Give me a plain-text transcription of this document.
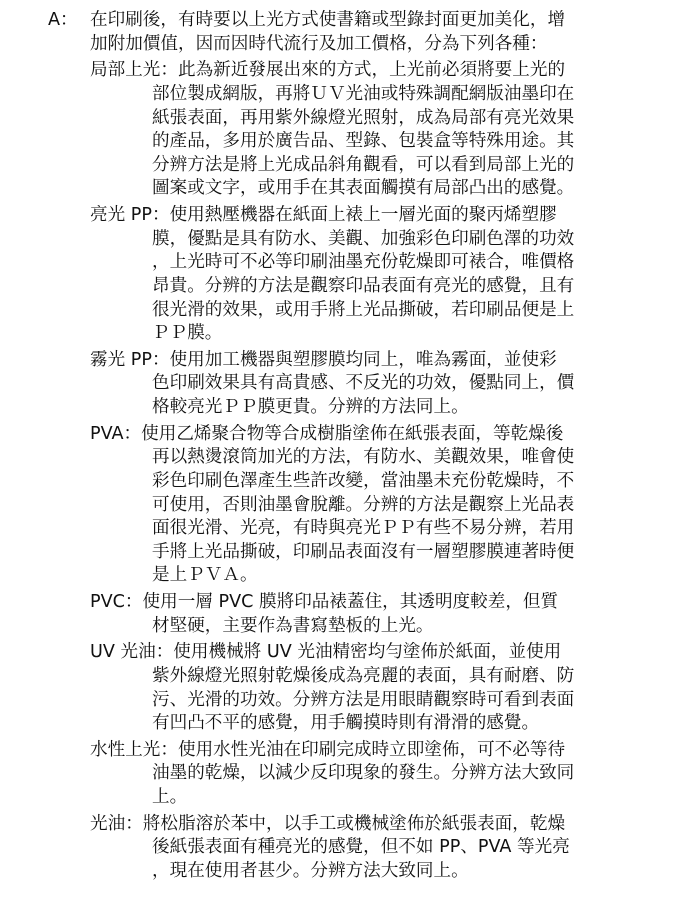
A： 在印刷後，有時要以上光方式使書籍或型錄封面更加美化，增
加附加價值，因而因時代流行及加工價格，分為下列各種：
局部上光：此為新近發展出來的方式，上光前必須將要上光的
部位製成網版，再將ＵＶ光油或特殊調配網版油墨印在
紙張表面，再用紫外線燈光照射，成為局部有亮光效果
的產品，多用於廣告品、型錄、包裝盒等特殊用途。其
分辨方法是將上光成品斜角觀看，可以看到局部上光的
圖案或文字，或用手在其表面觸摸有局部凸出的感覺。
亮光 PP：使用熱壓機器在紙面上裱上一層光面的聚丙烯塑膠
膜，優點是具有防水、美觀、加強彩色印刷色澤的功效
，上光時可不必等印刷油墨充份乾燥即可裱合，唯價格
昂貴。分辨的方法是觀察印品表面有亮光的感覺，且有
很光滑的效果，或用手將上光品撕破，若印刷品便是上
ＰＰ膜。
霧光 PP：使用加工機器與塑膠膜均同上，唯為霧面，並使彩
色印刷效果具有高貴感、不反光的功效，優點同上，價
格較亮光ＰＰ膜更貴。分辨的方法同上。
PVA：使用乙烯聚合物等合成樹脂塗佈在紙張表面，等乾燥後
再以熱燙滾筒加光的方法，有防水、美觀效果，唯會使
彩色印刷色澤產生些許改變，當油墨未充份乾燥時，不
可使用，否則油墨會脫離。分辨的方法是觀察上光品表
面很光滑、光亮，有時與亮光ＰＰ有些不易分辨，若用
手將上光品撕破，印刷品表面沒有一層塑膠膜連著時便
是上ＰＶＡ。
PVC：使用一層 PVC 膜將印品裱蓋住，其透明度較差，但質
材堅硬，主要作為書寫墊板的上光。
UV 光油：使用機械將 UV 光油精密均勻塗佈於紙面，並使用
紫外線燈光照射乾燥後成為亮麗的表面，具有耐磨、防
污、光滑的功效。分辨方法是用眼睛觀察時可看到表面
有凹凸不平的感覺，用手觸摸時則有滑滑的感覺。
水性上光：使用水性光油在印刷完成時立即塗佈，可不必等待
油墨的乾燥，以減少反印現象的發生。分辨方法大致同
上。
光油：將松脂溶於苯中，以手工或機械塗佈於紙張表面，乾燥
後紙張表面有種亮光的感覺，但不如 PP、PVA 等光亮
，現在使用者甚少。分辨方法大致同上。
